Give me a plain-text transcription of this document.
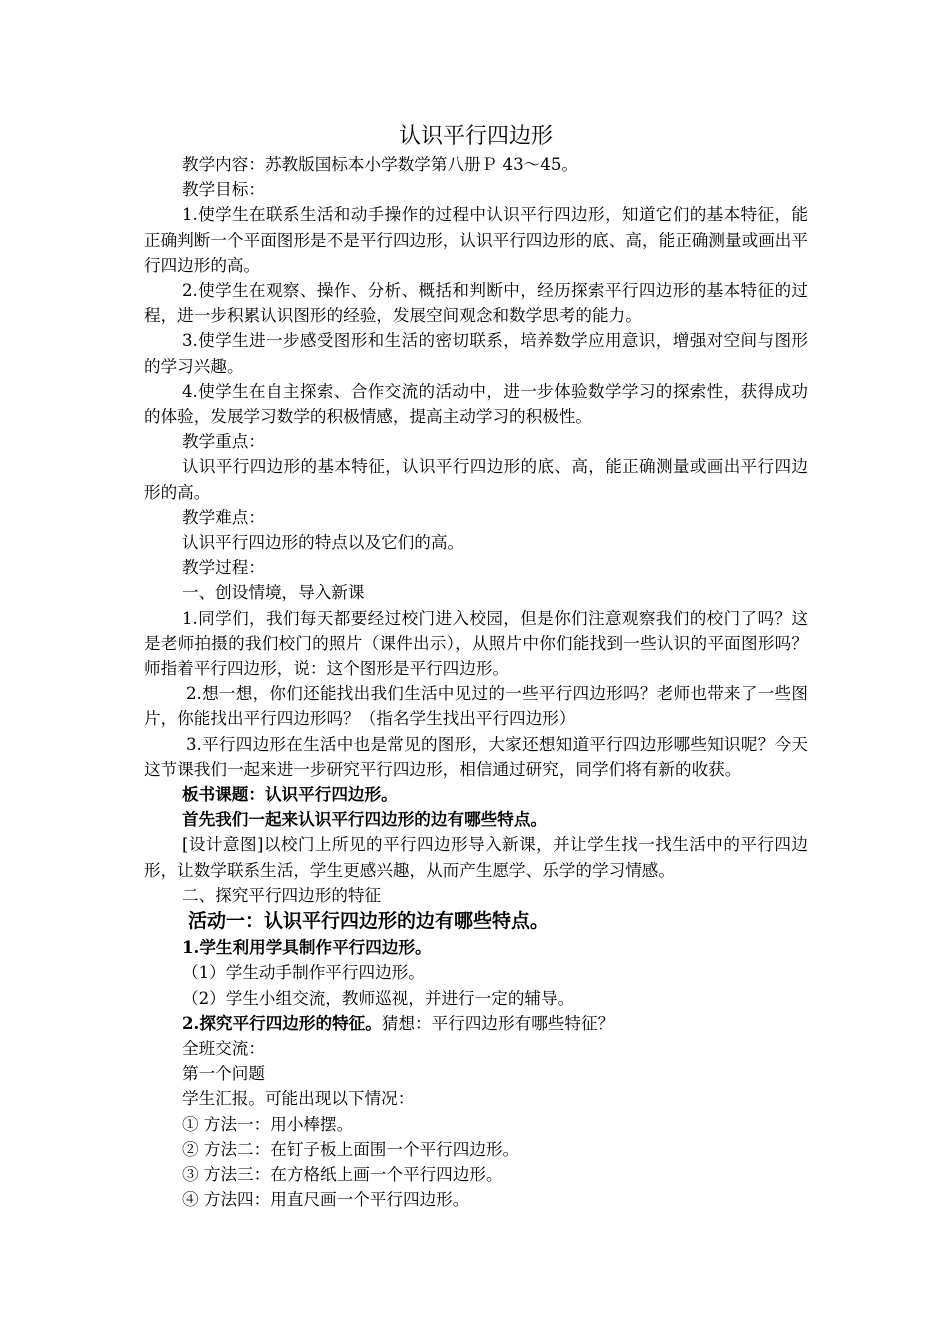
认识平行四边形

教学内容：苏教版国标本小学数学第八册Ｐ 43～45。

教学目标：

1.使学生在联系生活和动手操作的过程中认识平行四边形，知道它们的基本特征，能正确判断一个平面图形是不是平行四边形，认识平行四边形的底、高，能正确测量或画出平行四边形的高。

2.使学生在观察、操作、分析、概括和判断中，经历探索平行四边形的基本特征的过程，进一步积累认识图形的经验，发展空间观念和数学思考的能力。

3.使学生进一步感受图形和生活的密切联系，培养数学应用意识，增强对空间与图形的学习兴趣。

4.使学生在自主探索、合作交流的活动中，进一步体验数学学习的探索性，获得成功的体验，发展学习数学的积极情感，提高主动学习的积极性。

教学重点：

认识平行四边形的基本特征，认识平行四边形的底、高，能正确测量或画出平行四边形的高。

教学难点：

认识平行四边形的特点以及它们的高。

教学过程：

一、创设情境，导入新课

1.同学们，我们每天都要经过校门进入校园，但是你们注意观察我们的校门了吗？这是老师拍摄的我们校门的照片（课件出示），从照片中你们能找到一些认识的平面图形吗？师指着平行四边形，说：这个图形是平行四边形。

2.想一想，你们还能找出我们生活中见过的一些平行四边形吗？老师也带来了一些图片，你能找出平行四边形吗？（指名学生找出平行四边形）

3.平行四边形在生活中也是常见的图形，大家还想知道平行四边形哪些知识呢？今天这节课我们一起来进一步研究平行四边形，相信通过研究，同学们将有新的收获。

板书课题：认识平行四边形。

首先我们一起来认识平行四边形的边有哪些特点。

[设计意图]以校门上所见的平行四边形导入新课，并让学生找一找生活中的平行四边形，让数学联系生活，学生更感兴趣，从而产生愿学、乐学的学习情感。

二、探究平行四边形的特征

活动一：认识平行四边形的边有哪些特点。

1.学生利用学具制作平行四边形。

（1）学生动手制作平行四边形。

（2）学生小组交流，教师巡视，并进行一定的辅导。

2.探究平行四边形的特征。猜想：平行四边形有哪些特征？

全班交流：

第一个问题

学生汇报。可能出现以下情况：

① 方法一：用小棒摆。

② 方法二：在钉子板上面围一个平行四边形。

③ 方法三：在方格纸上画一个平行四边形。

④ 方法四：用直尺画一个平行四边形。
